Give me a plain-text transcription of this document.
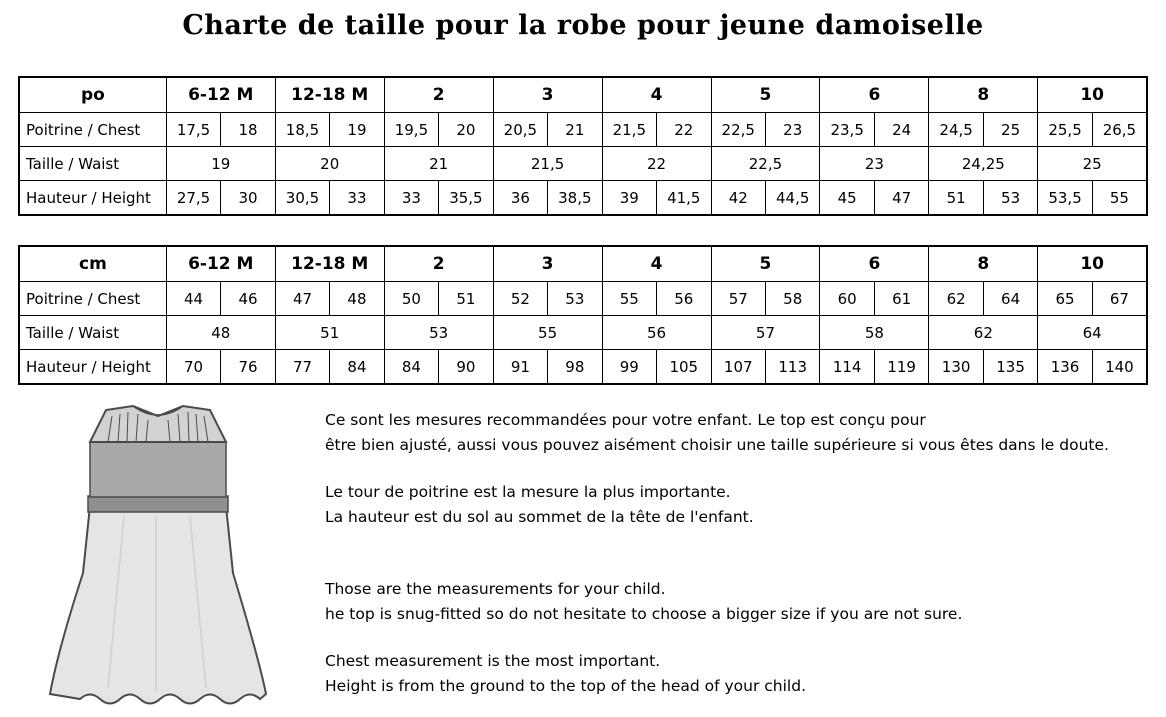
Charte de taille pour la robe pour jeune damoiselle
po	6-12 M		12-18 M		2		3		4		5		6		8		10	
Poitrine / Chest	17,5	18	18,5	19	19,5	20	20,5	21	21,5	22	22,5	23	23,5	24	24,5	25	25,5	26,5
Taille / Waist	19		20		21		21,5		22		22,5		23		24,25		25	
Hauteur / Height	27,5	30	30,5	33	33	35,5	36	38,5	39	41,5	42	44,5	45	47	51	53	53,5	55
cm	6-12 M		12-18 M		2		3		4		5		6		8		10	
Poitrine / Chest	44	46	47	48	50	51	52	53	55	56	57	58	60	61	62	64	65	67
Taille / Waist	48		51		53		55		56		57		58		62		64	
Hauteur / Height	70	76	77	84	84	90	91	98	99	105	107	113	114	119	130	135	136	140
Ce sont les mesures recommandées pour votre enfant. Le top est conçu pour
être bien ajusté, aussi vous pouvez aisément choisir une taille supérieure si vous êtes dans le doute.
Le tour de poitrine est la mesure la plus importante.
La hauteur est du sol au sommet de la tête de l'enfant.
Those are the measurements for your child.
he top is snug-fitted so do not hesitate to choose a bigger size if you are not sure.
Chest measurement is the most important.
Height is from the ground to the top of the head of your child.
